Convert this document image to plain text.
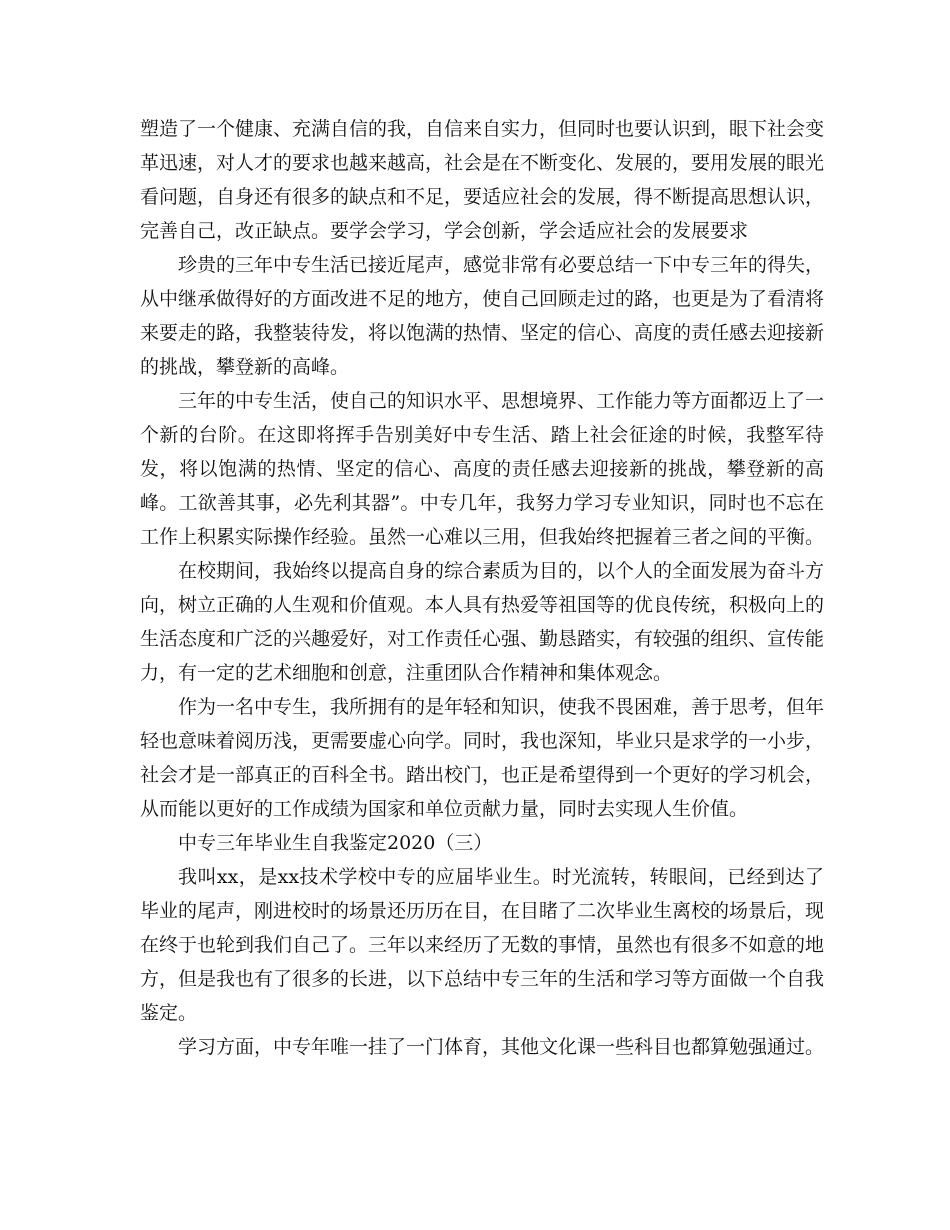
塑造了一个健康、充满自信的我，自信来自实力，但同时也要认识到，眼下社会变革迅速，对人才的要求也越来越高，社会是在不断变化、发展的，要用发展的眼光看问题，自身还有很多的缺点和不足，要适应社会的发展，得不断提高思想认识，完善自己，改正缺点。要学会学习，学会创新，学会适应社会的发展要求

珍贵的三年中专生活已接近尾声，感觉非常有必要总结一下中专三年的得失，从中继承做得好的方面改进不足的地方，使自己回顾走过的路，也更是为了看清将来要走的路，我整装待发，将以饱满的热情、坚定的信心、高度的责任感去迎接新的挑战，攀登新的高峰。

三年的中专生活，使自己的知识水平、思想境界、工作能力等方面都迈上了一个新的台阶。在这即将挥手告别美好中专生活、踏上社会征途的时候，我整军待发，将以饱满的热情、坚定的信心、高度的责任感去迎接新的挑战，攀登新的高峰。工欲善其事，必先利其器”。中专几年，我努力学习专业知识，同时也不忘在工作上积累实际操作经验。虽然一心难以三用，但我始终把握着三者之间的平衡。

在校期间，我始终以提高自身的综合素质为目的，以个人的全面发展为奋斗方向，树立正确的人生观和价值观。本人具有热爱等祖国等的优良传统，积极向上的生活态度和广泛的兴趣爱好，对工作责任心强、勤恳踏实，有较强的组织、宣传能力，有一定的艺术细胞和创意，注重团队合作精神和集体观念。

作为一名中专生，我所拥有的是年轻和知识，使我不畏困难，善于思考，但年轻也意味着阅历浅，更需要虚心向学。同时，我也深知，毕业只是求学的一小步，社会才是一部真正的百科全书。踏出校门，也正是希望得到一个更好的学习机会，从而能以更好的工作成绩为国家和单位贡献力量，同时去实现人生价值。

中专三年毕业生自我鉴定2020（三）

我叫xx，是xx技术学校中专的应届毕业生。时光流转，转眼间，已经到达了毕业的尾声，刚进校时的场景还历历在目，在目睹了二次毕业生离校的场景后，现在终于也轮到我们自己了。三年以来经历了无数的事情，虽然也有很多不如意的地方，但是我也有了很多的长进，以下总结中专三年的生活和学习等方面做一个自我鉴定。

学习方面，中专年唯一挂了一门体育，其他文化课一些科目也都算勉强通过。
